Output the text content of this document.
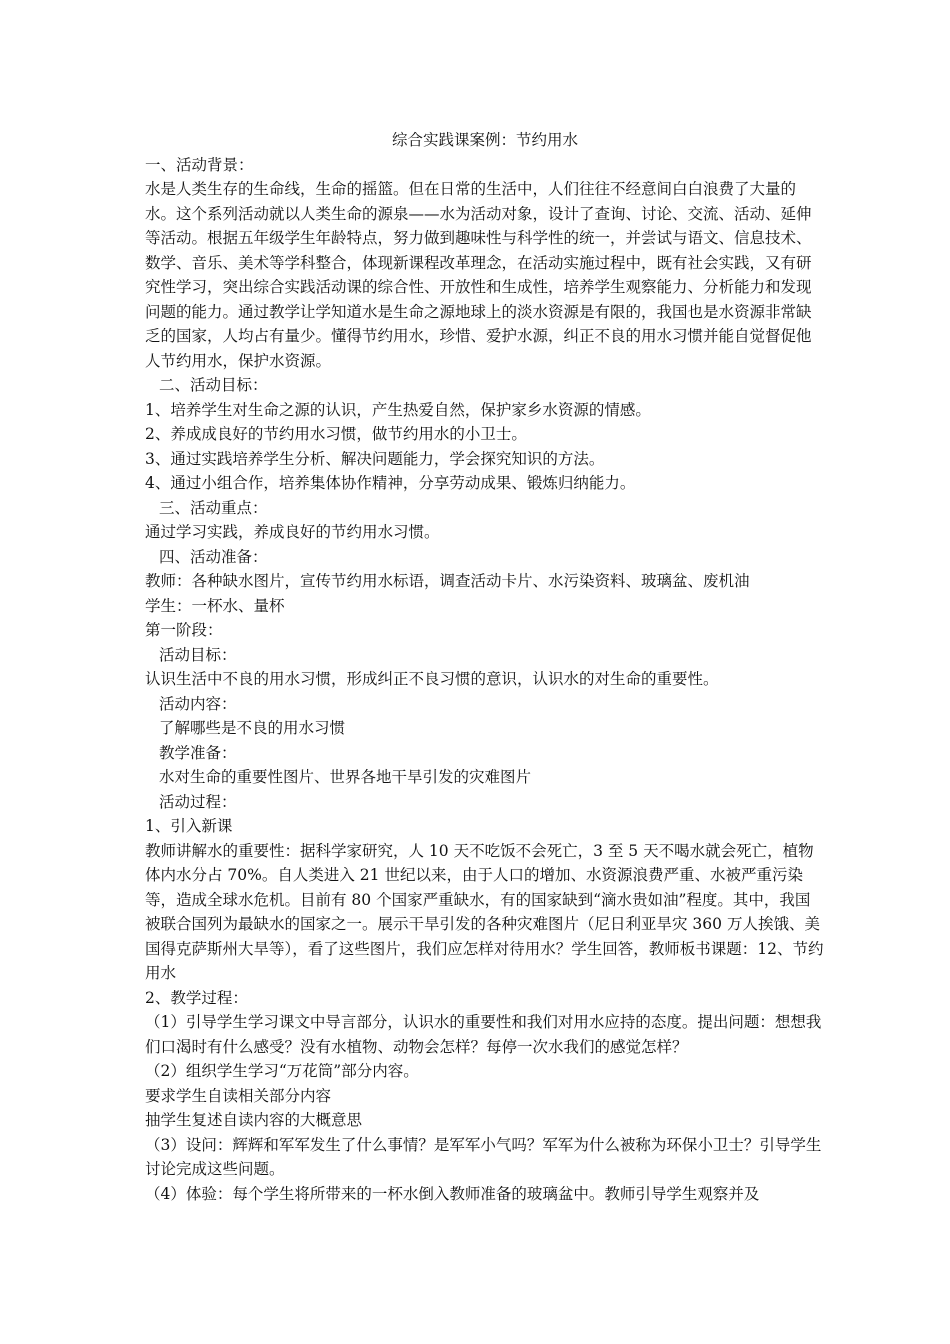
综合实践课案例：节约用水

一、活动背景：

水是人类生存的生命线，生命的摇篮。但在日常的生活中，人们往往不经意间白白浪费了大量的水。这个系列活动就以人类生命的源泉——水为活动对象，设计了查询、讨论、交流、活动、延伸等活动。根据五年级学生年龄特点，努力做到趣味性与科学性的统一，并尝试与语文、信息技术、数学、音乐、美术等学科整合，体现新课程改革理念，在活动实施过程中，既有社会实践，又有研究性学习，突出综合实践活动课的综合性、开放性和生成性，培养学生观察能力、分析能力和发现问题的能力。通过教学让学知道水是生命之源地球上的淡水资源是有限的，我国也是水资源非常缺乏的国家，人均占有量少。懂得节约用水，珍惜、爱护水源，纠正不良的用水习惯并能自觉督促他人节约用水，保护水资源。

二、活动目标：

1、培养学生对生命之源的认识，产生热爱自然，保护家乡水资源的情感。

2、养成成良好的节约用水习惯，做节约用水的小卫士。

3、通过实践培养学生分析、解决问题能力，学会探究知识的方法。

4、通过小组合作，培养集体协作精神，分享劳动成果、锻炼归纳能力。

三、活动重点：

通过学习实践，养成良好的节约用水习惯。

四、活动准备：

教师：各种缺水图片，宣传节约用水标语，调查活动卡片、水污染资料、玻璃盆、废机油

学生：一杯水、量杯

第一阶段：

活动目标：

认识生活中不良的用水习惯，形成纠正不良习惯的意识，认识水的对生命的重要性。

活动内容：

了解哪些是不良的用水习惯

教学准备：

水对生命的重要性图片、世界各地干旱引发的灾难图片

活动过程：

1、引入新课

教师讲解水的重要性：据科学家研究，人 10 天不吃饭不会死亡，3 至 5 天不喝水就会死亡，植物体内水分占 70%。自人类进入 21 世纪以来，由于人口的增加、水资源浪费严重、水被严重污染等，造成全球水危机。目前有 80 个国家严重缺水，有的国家缺到“滴水贵如油”程度。其中，我国被联合国列为最缺水的国家之一。展示干旱引发的各种灾难图片（尼日利亚旱灾 360 万人挨饿、美国得克萨斯州大旱等），看了这些图片，我们应怎样对待用水？学生回答，教师板书课题：12、节约用水

2、教学过程：

（1）引导学生学习课文中导言部分，认识水的重要性和我们对用水应持的态度。提出问题：想想我们口渴时有什么感受？没有水植物、动物会怎样？每停一次水我们的感觉怎样？

（2）组织学生学习“万花筒”部分内容。

要求学生自读相关部分内容

抽学生复述自读内容的大概意思

（3）设问：辉辉和军军发生了什么事情？是军军小气吗？军军为什么被称为环保小卫士？引导学生讨论完成这些问题。

（4）体验：每个学生将所带来的一杯水倒入教师准备的玻璃盆中。教师引导学生观察并及
